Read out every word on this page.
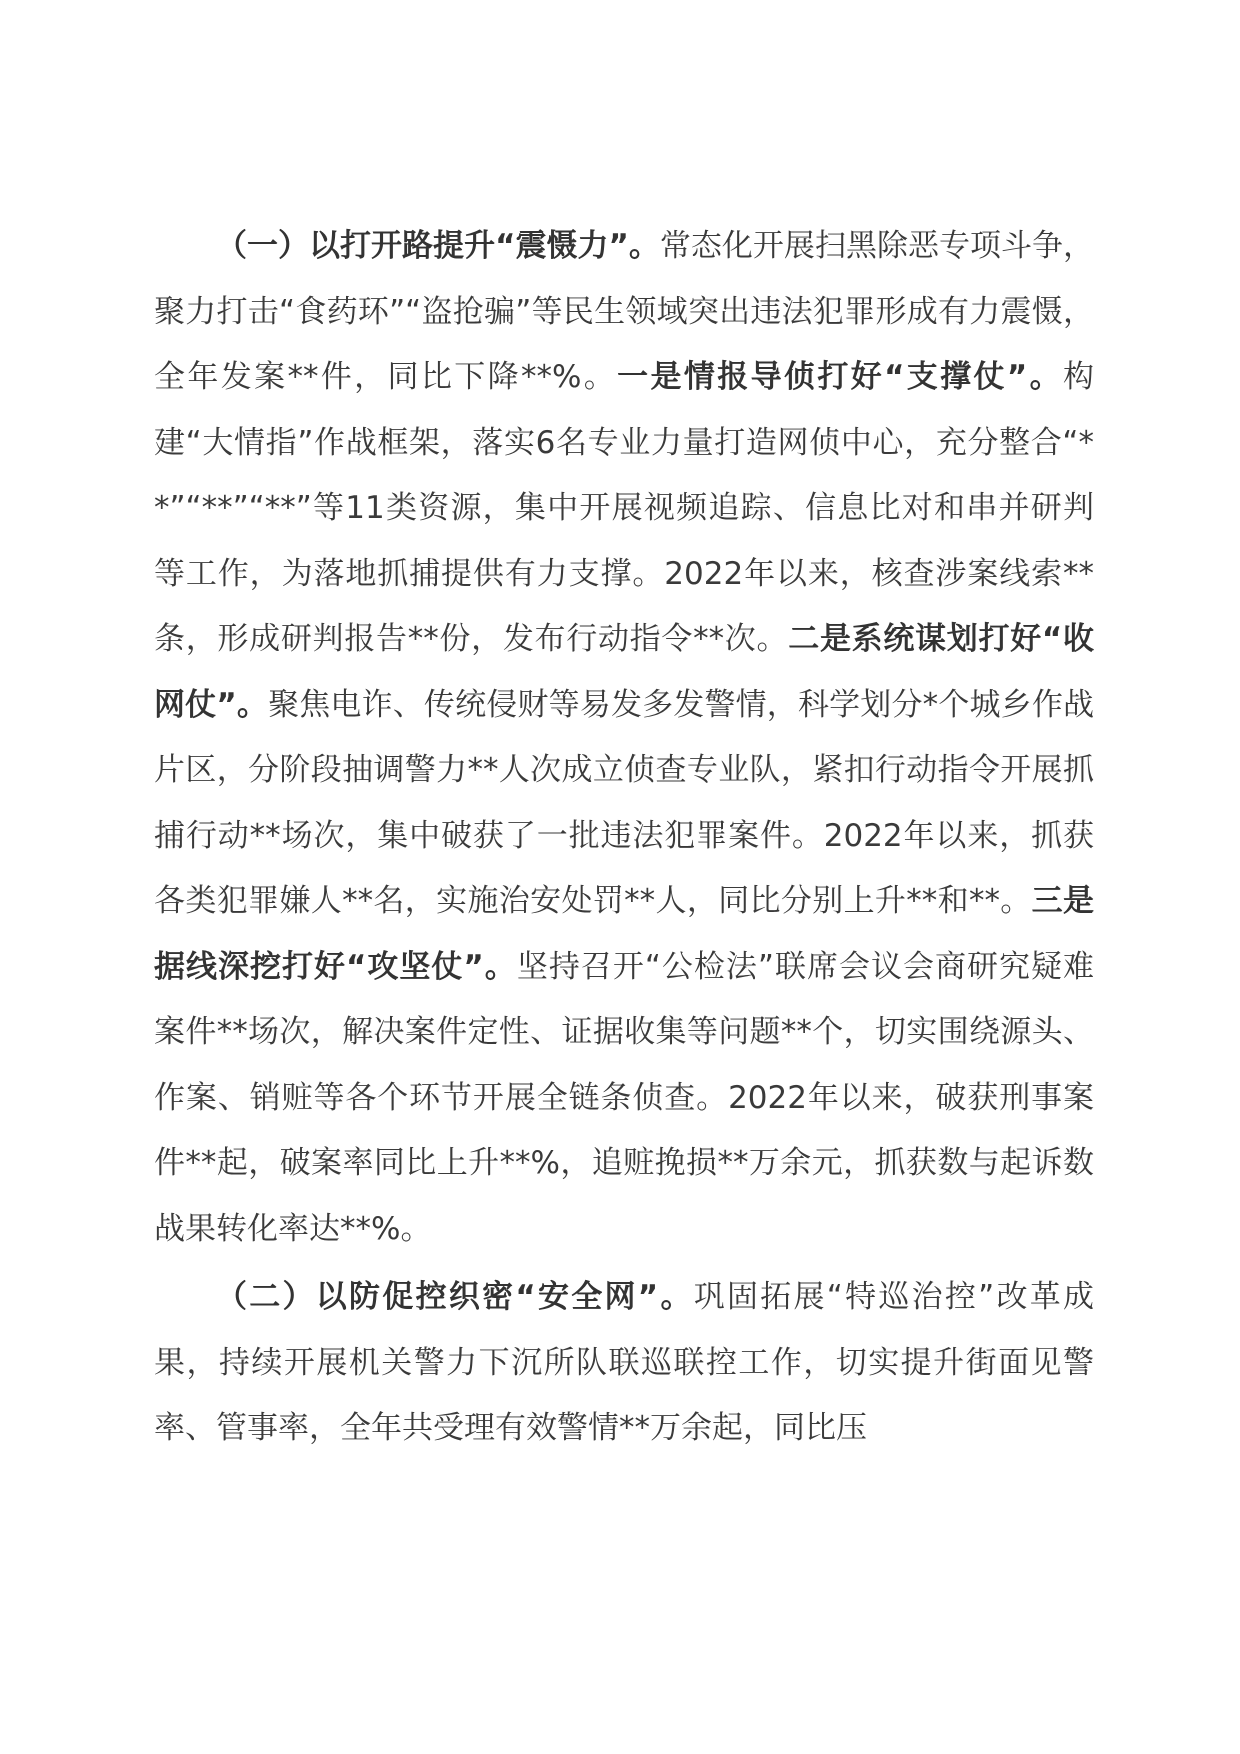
（一）以打开路提升“震慑力”。常态化开展扫黑除恶专项斗争，聚力打击“食药环”“盗抢骗”等民生领域突出违法犯罪形成有力震慑，全年发案**件，同比下降**%。一是情报导侦打好“支撑仗”。构建“大情指”作战框架，落实6名专业力量打造网侦中心，充分整合“**”“**”“**”等11类资源，集中开展视频追踪、信息比对和串并研判等工作，为落地抓捕提供有力支撑。2022年以来，核查涉案线索**条，形成研判报告**份，发布行动指令**次。二是系统谋划打好“收网仗”。聚焦电诈、传统侵财等易发多发警情，科学划分*个城乡作战片区，分阶段抽调警力**人次成立侦查专业队，紧扣行动指令开展抓捕行动**场次，集中破获了一批违法犯罪案件。2022年以来，抓获各类犯罪嫌人**名，实施治安处罚**人，同比分别上升**和**。三是据线深挖打好“攻坚仗”。坚持召开“公检法”联席会议会商研究疑难案件**场次，解决案件定性、证据收集等问题**个，切实围绕源头、作案、销赃等各个环节开展全链条侦查。2022年以来，破获刑事案件**起，破案率同比上升**%，追赃挽损**万余元，抓获数与起诉数战果转化率达**%。

（二）以防促控织密“安全网”。巩固拓展“特巡治控”改革成果，持续开展机关警力下沉所队联巡联控工作，切实提升街面见警率、管事率，全年共受理有效警情**万余起，同比压
